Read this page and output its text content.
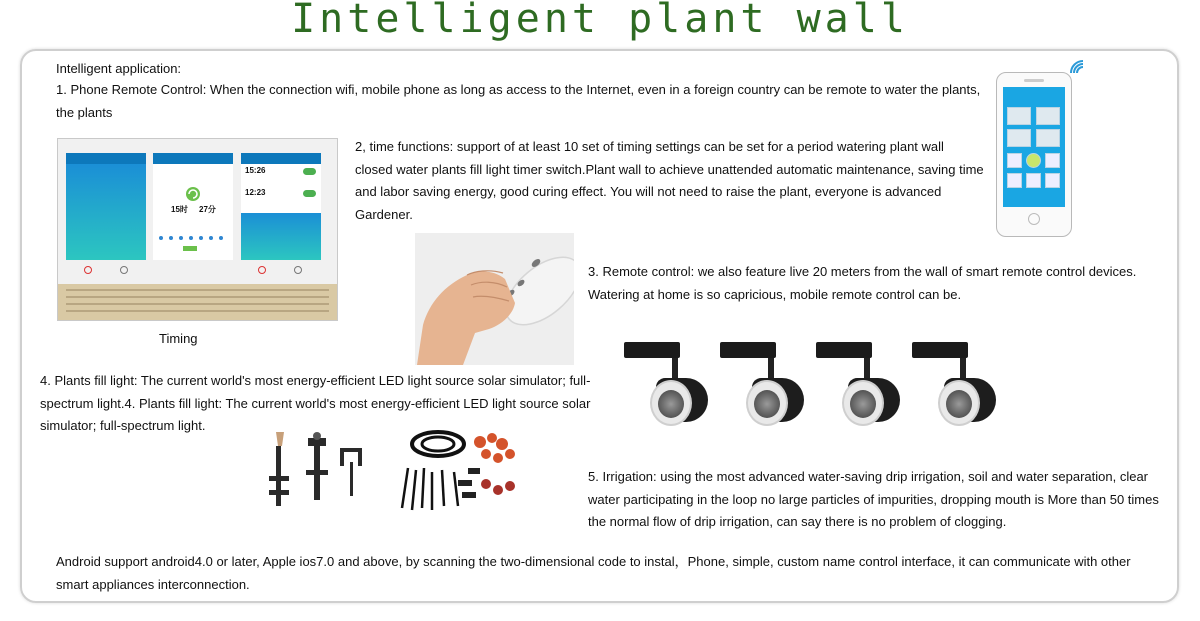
Intelligent plant wall
Intelligent application:
1. Phone Remote Control: When the connection wifi, mobile phone as long as access to the Internet, even in a foreign country can be remote to water the plants, the plants
15时 27分
15:26
12:23
Timing
2, time functions: support of at least 10 set of timing settings can be set for a period watering plant wall closed water plants fill light timer switch.Plant wall to achieve unattended automatic maintenance, saving time and labor saving energy, good curing effect. You will not need to raise the plant, everyone is advanced Gardener.
3. Remote control: we also feature live 20 meters from the wall of smart remote control devices. Watering at home is so capricious, mobile remote control can be.
4. Plants fill light: The current world's most energy-efficient LED light source solar simulator; full-spectrum light.4. Plants fill light: The current world's most energy-efficient LED light source solar simulator; full-spectrum light.
5. Irrigation: using the most advanced water-saving drip irrigation, soil and water separation, clear water participating in the loop no large particles of impurities, dropping mouth is More than 50 times the normal flow of drip irrigation, can say there is no problem of clogging.
Android support android4.0 or later, Apple ios7.0 and above, by scanning the two-dimensional code to instal，Phone, simple, custom name control interface, it can communicate with other smart appliances interconnection.
